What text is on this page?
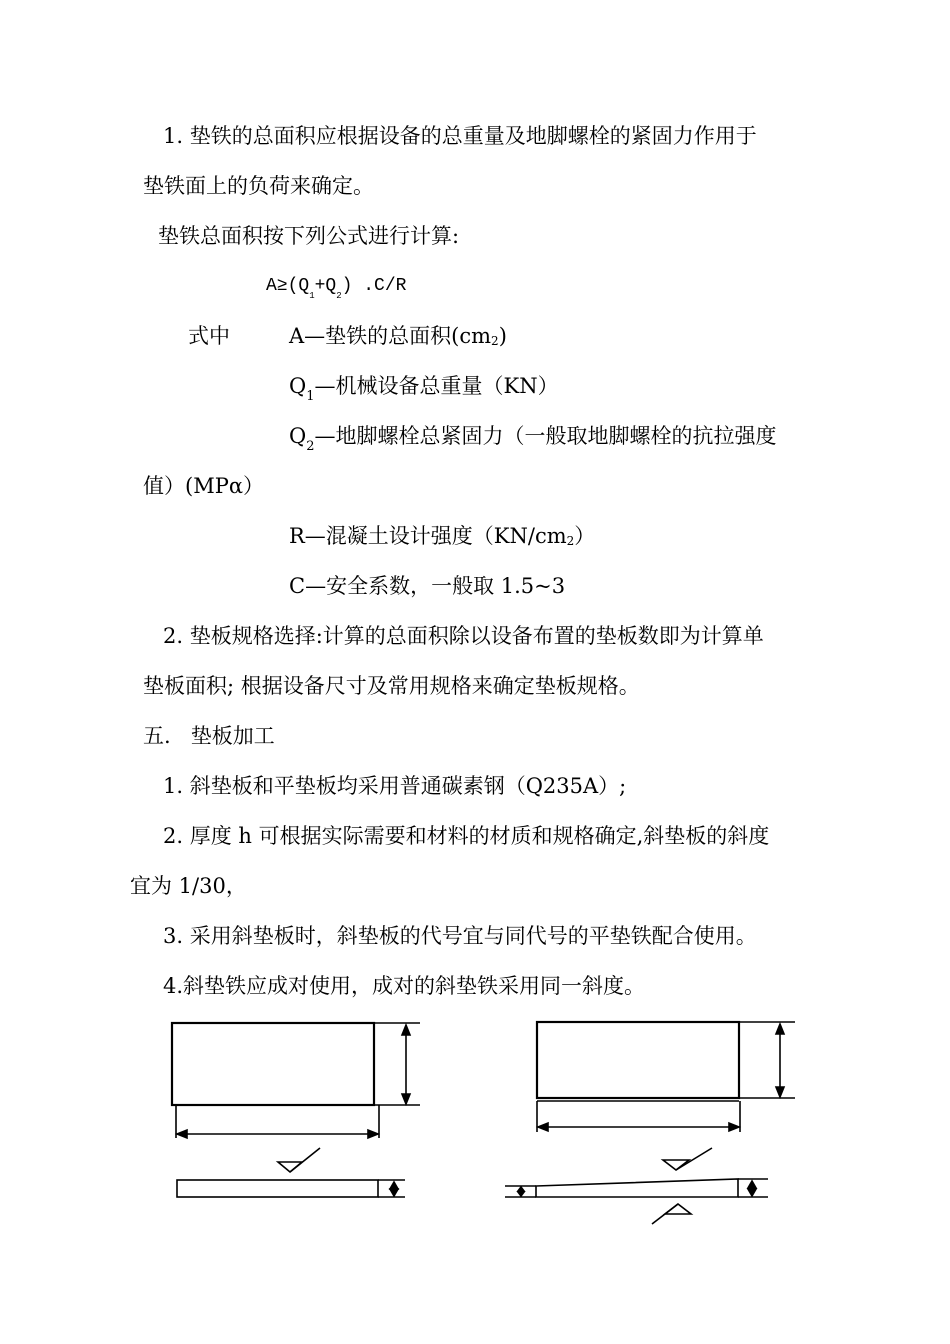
1. 垫铁的总面积应根据设备的总重量及地脚螺栓的紧固力作用于
垫铁面上的负荷来确定。
垫铁总面积按下列公式进行计算:
$A\ge(Q_1+Q_2)$ .C/R
式中	A—垫铁的总面积$(cm^2)$
$Q_1—$机械设备总重量（KN）
$Q_2—$地脚螺栓总紧固力（一般取地脚螺栓的抗拉强度
值）(MPα）
R—混凝土设计强度$(KN/cm^2)$
C—安全系数，一般取 1.5~3
2. 垫板规格选择:计算的总面积除以设备布置的垫板数即为计算单
垫板面积; 根据设备尺寸及常用规格来确定垫板规格。
五.   垫板加工
1. 斜垫板和平垫板均采用普通碳素钢（Q235A）;
2. 厚度 h 可根据实际需要和材料的材质和规格确定,斜垫板的斜度
宜为 1/30，
3. 采用斜垫板时，斜垫板的代号宜与同代号的平垫铁配合使用。
4.斜垫铁应成对使用，成对的斜垫铁采用同一斜度。
